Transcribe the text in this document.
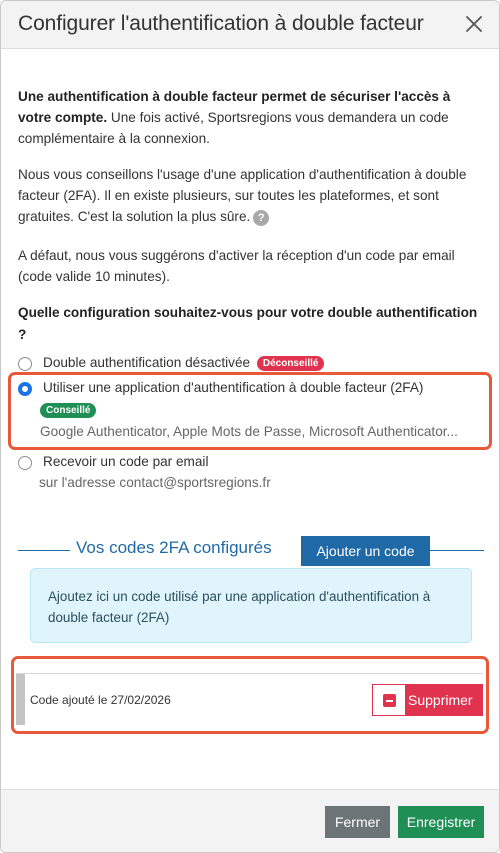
Configurer l'authentification à double facteur

Une authentification à double facteur permet de sécuriser l'accès à votre compte. Une fois activé, Sportsregions vous demandera un code complémentaire à la connexion.

Nous vous conseillons l'usage d'une application d'authentification à double facteur (2FA). Il en existe plusieurs, sur toutes les plateformes, et sont gratuites. C'est la solution la plus sûre. ?

A défaut, nous vous suggérons d'activer la réception d'un code par email (code valide 10 minutes).

Quelle configuration souhaitez-vous pour votre double authentification ?

Double authentification désactivée Déconseillé
Utiliser une application d'authentification à double facteur (2FA)
Conseillé
Google Authenticator, Apple Mots de Passe, Microsoft Authenticator...
Recevoir un code par email
sur l'adresse contact@sportsregions.fr
Vos codes 2FA configurés	Ajouter un code

Ajoutez ici un code utilisé par une application d'authentification à double facteur (2FA)

Code ajouté le 27/02/2026	Supprimer
Fermer	Enregistrer
